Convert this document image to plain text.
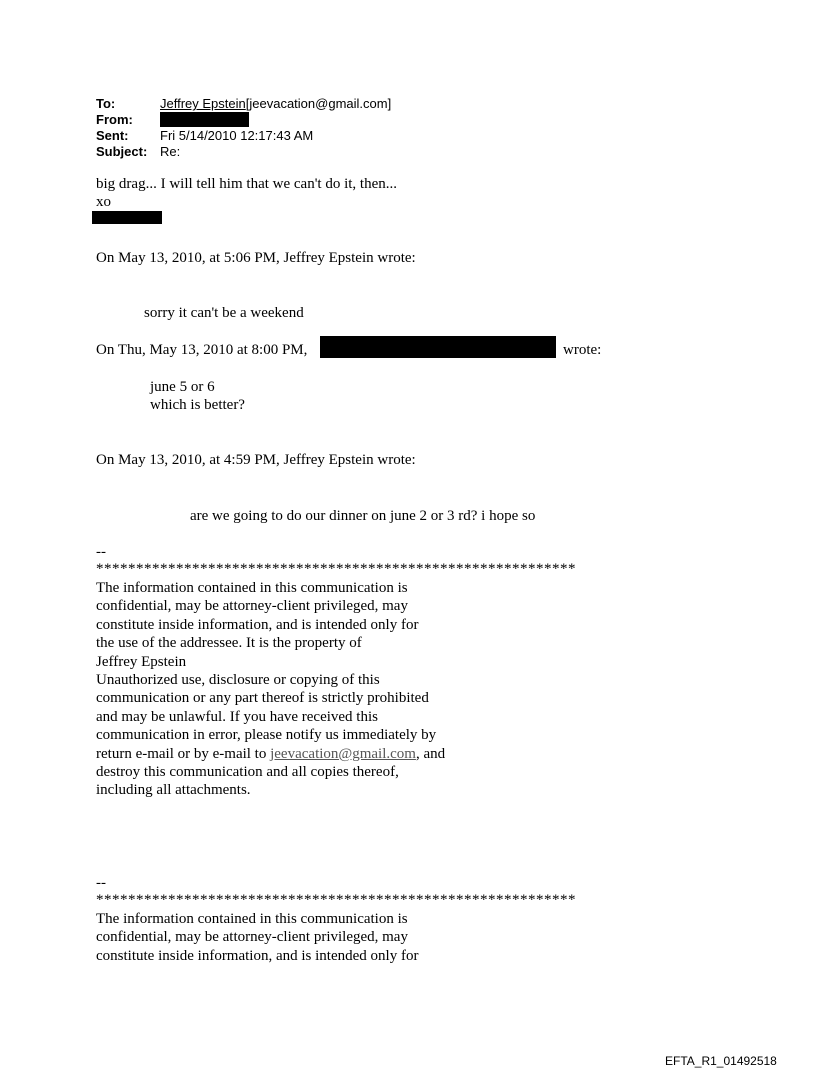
To:	Jeffrey Epstein[jeevacation@gmail.com]
From:
Sent:	Fri 5/14/2010 12:17:43 AM
Subject: Re:
big drag... I will tell him that we can't do it, then...
xo
On May 13, 2010, at 5:06 PM, Jeffrey Epstein wrote:
sorry it can't be a weekend
On Thu, May 13, 2010 at 8:00 PM,	wrote:
june 5 or 6
which is better?
On May 13, 2010, at 4:59 PM, Jeffrey Epstein wrote:
are we going to do our dinner on june 2 or 3 rd? i hope so
--
************************************************************
The information contained in this communication is
confidential, may be attorney-client privileged, may
constitute inside information, and is intended only for
the use of the addressee. It is the property of
Jeffrey Epstein
Unauthorized use, disclosure or copying of this
communication or any part thereof is strictly prohibited
and may be unlawful. If you have received this
communication in error, please notify us immediately by
return e-mail or by e-mail to jeevacation@gmail.com, and
destroy this communication and all copies thereof,
including all attachments.
--
************************************************************
The information contained in this communication is
confidential, may be attorney-client privileged, may
constitute inside information, and is intended only for
EFTA_R1_01492518
